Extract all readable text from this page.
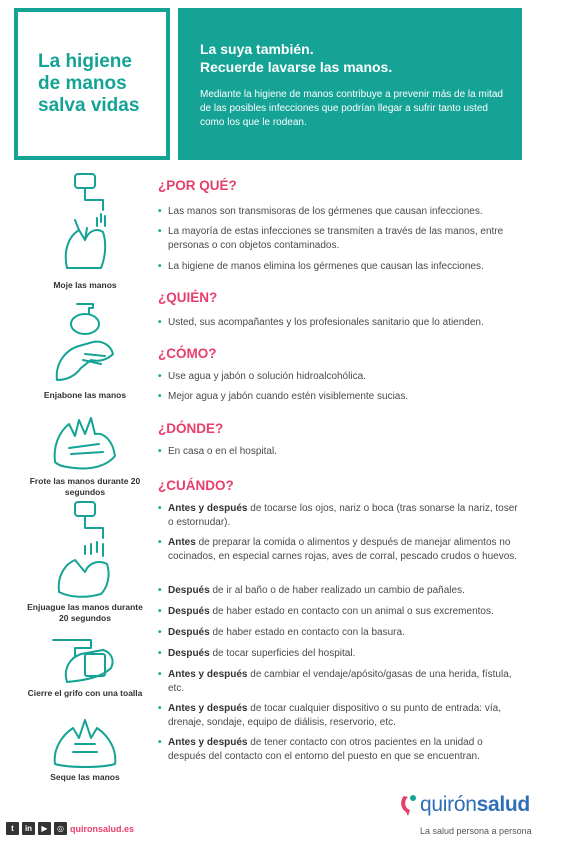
La higiene
de manos
salva vidas
La suya también.
Recuerde lavarse las manos.
Mediante la higiene de manos contribuye a prevenir más de la mitad de las posibles infecciones que podrían llegar a sufrir tanto usted como los que le rodean.
Moje las manos
Enjabone las manos
Frote las manos durante 20 segundos
Enjuague las manos durante 20 segundos
Cierre el grifo con una toalla
Seque las manos
¿POR QUÉ?
• Las manos son transmisoras de los gérmenes que causan infecciones.
• La mayoría de estas infecciones se transmiten a través de las manos, entre personas o con objetos contaminados.
• La higiene de manos elimina los gérmenes que causan las infecciones.
¿QUIÉN?
• Usted, sus acompañantes y los profesionales sanitario que lo atienden.
¿CÓMO?
• Use agua y jabón o solución hidroalcohólica.
• Mejor agua y jabón cuando estén visiblemente sucias.
¿DÓNDE?
• En casa o en el hospital.
¿CUÁNDO?
• Antes y después de tocarse los ojos, nariz o boca (tras sonarse la nariz, toser o estornudar).
• Antes de preparar la comida o alimentos y después de manejar alimentos no cocinados, en especial carnes rojas, aves de corral, pescado crudos o huevos.
• Después de ir al baño o de haber realizado un cambio de pañales.
• Después de haber estado en contacto con un animal o sus excrementos.
• Después de haber estado en contacto con la basura.
• Después de tocar superficies del hospital.
• Antes y después de cambiar el vendaje/apósito/gasas de una herida, fístula, etc.
• Antes y después de tocar cualquier dispositivo o su punto de entrada: vía, drenaje, sondaje, equipo de diálisis, reservorio, etc.
• Antes y después de tener contacto con otros pacientes en la unidad o después del contacto con el entorno del puesto en que se encuentran.
t	in	▶	◎ quironsalud.es
quirónsalud
La salud persona a persona
